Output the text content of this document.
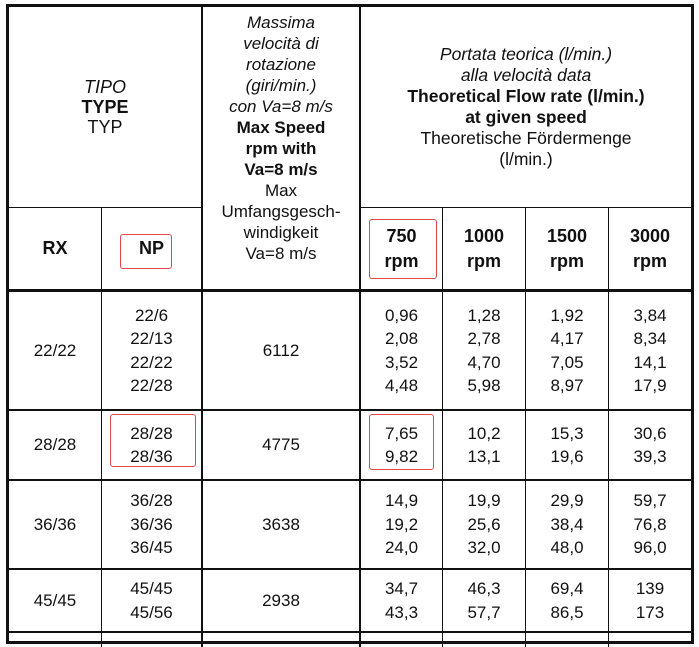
TIPO
TYPE
TYP
Massima
velocità di
rotazione
(giri/min.)
con Va=8 m/s
Max Speed
rpm with
Va=8 m/s
Max
Umfangsgesch-
windigkeit
Va=8 m/s
Portata teorica (l/min.)
alla velocità data
Theoretical Flow rate (l/min.)
at given speed
Theoretische Fördermenge
(l/min.)
RX	NP
750
rpm
1000
rpm
1500
rpm
3000
rpm
22/22
22/6
22/13
22/22
22/28
6112
0,96
2,08
3,52
4,48
1,28
2,78
4,70
5,98
1,92
4,17
7,05
8,97
3,84
8,34
14,1
17,9
28/28
28/28
28/36
4775
7,65
9,82
10,2
13,1
15,3
19,6
30,6
39,3
36/36
36/28
36/36
36/45
3638
14,9
19,2
24,0
19,9
25,6
32,0
29,9
38,4
48,0
59,7
76,8
96,0
45/45
45/45
45/56
2938
34,7
43,3
46,3
57,7
69,4
86,5
139
173
